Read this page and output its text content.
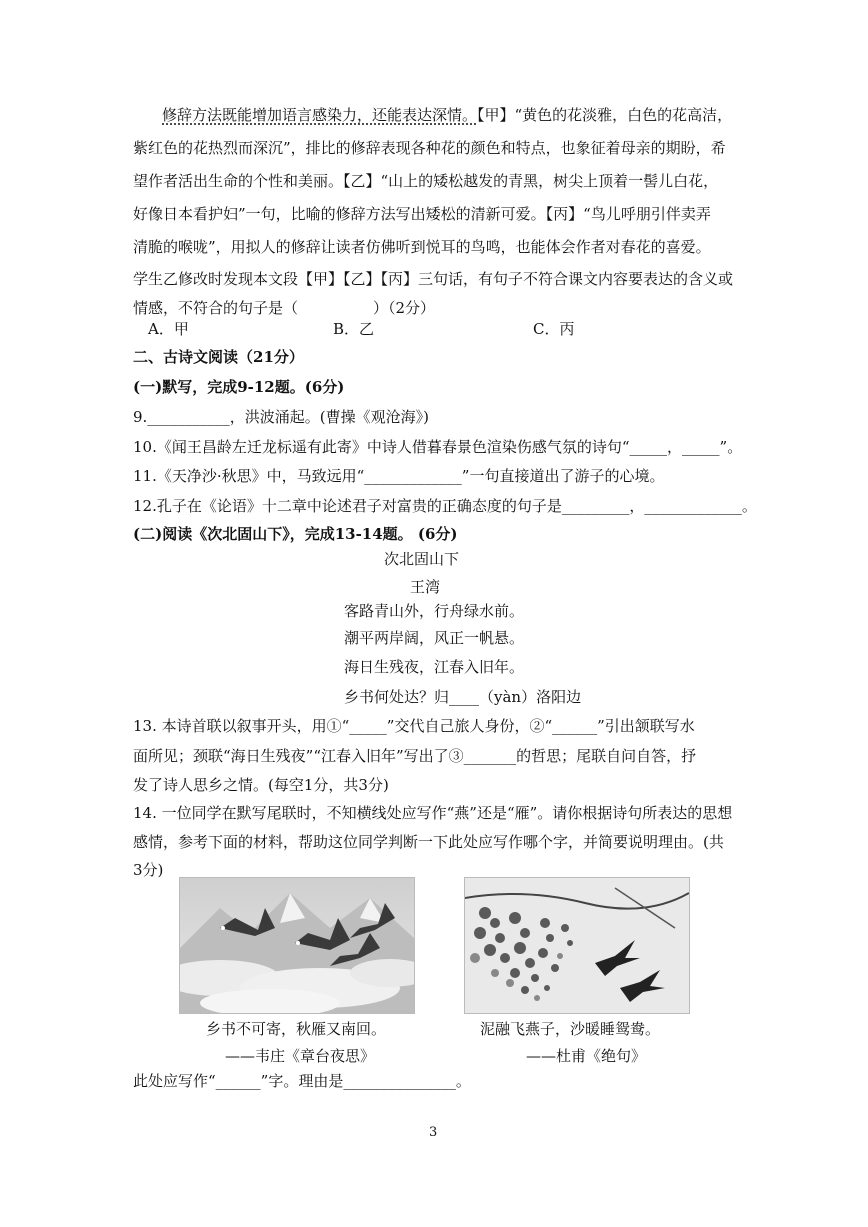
修辞方法既能增加语言感染力，还能表达深情。【甲】“黄色的花淡雅，白色的花高洁，
紫红色的花热烈而深沉”，排比的修辞表现各种花的颜色和特点，也象征着母亲的期盼，希
望作者活出生命的个性和美丽。【乙】“山上的矮松越发的青黑，树尖上顶着一髻儿白花，
好像日本看护妇”一句，比喻的修辞方法写出矮松的清新可爱。【丙】“鸟儿呼朋引伴卖弄
清脆的喉咙”，用拟人的修辞让读者仿佛听到悦耳的鸟鸣，也能体会作者对春花的喜爱。
学生乙修改时发现本文段【甲】【乙】【丙】三句话，有句子不符合课文内容要表达的含义或
情感，不符合的句子是（　　　　　）（2分）
A．甲	B．乙	C．丙
二、古诗文阅读（21分）
(一)默写，完成9-12题。(6分)
9.___________，洪波涌起。(曹操《观沧海》)
10.《闻王昌龄左迁龙标遥有此寄》中诗人借暮春景色渲染伤感气氛的诗句“_____，_____”。
11.《天净沙·秋思》中，马致远用“_____________”一句直接道出了游子的心境。
12.孔子在《论语》十二章中论述君子对富贵的正确态度的句子是_________，_____________。
(二)阅读《次北固山下》，完成13-14题。 (6分)
次北固山下
王湾
客路青山外，行舟绿水前。
潮平两岸阔，风正一帆悬。
海日生残夜，江春入旧年。
乡书何处达？归____（yàn）洛阳边
13. 本诗首联以叙事开头，用①“_____”交代自己旅人身份，②“______”引出颔联写水
面所见；颈联“海日生残夜”“江春入旧年”写出了③_______的哲思；尾联自问自答，抒
发了诗人思乡之情。(每空1分，共3分)
14. 一位同学在默写尾联时，不知横线处应写作“燕”还是“雁”。请你根据诗句所表达的思想
感情，参考下面的材料，帮助这位同学判断一下此处应写作哪个字，并简要说明理由。(共
3分)
乡书不可寄，秋雁又南回。
——韦庄《章台夜思》
泥融飞燕子，沙暖睡鸳鸯。
——杜甫《绝句》
此处应写作“______”字。理由是_______________。
3
